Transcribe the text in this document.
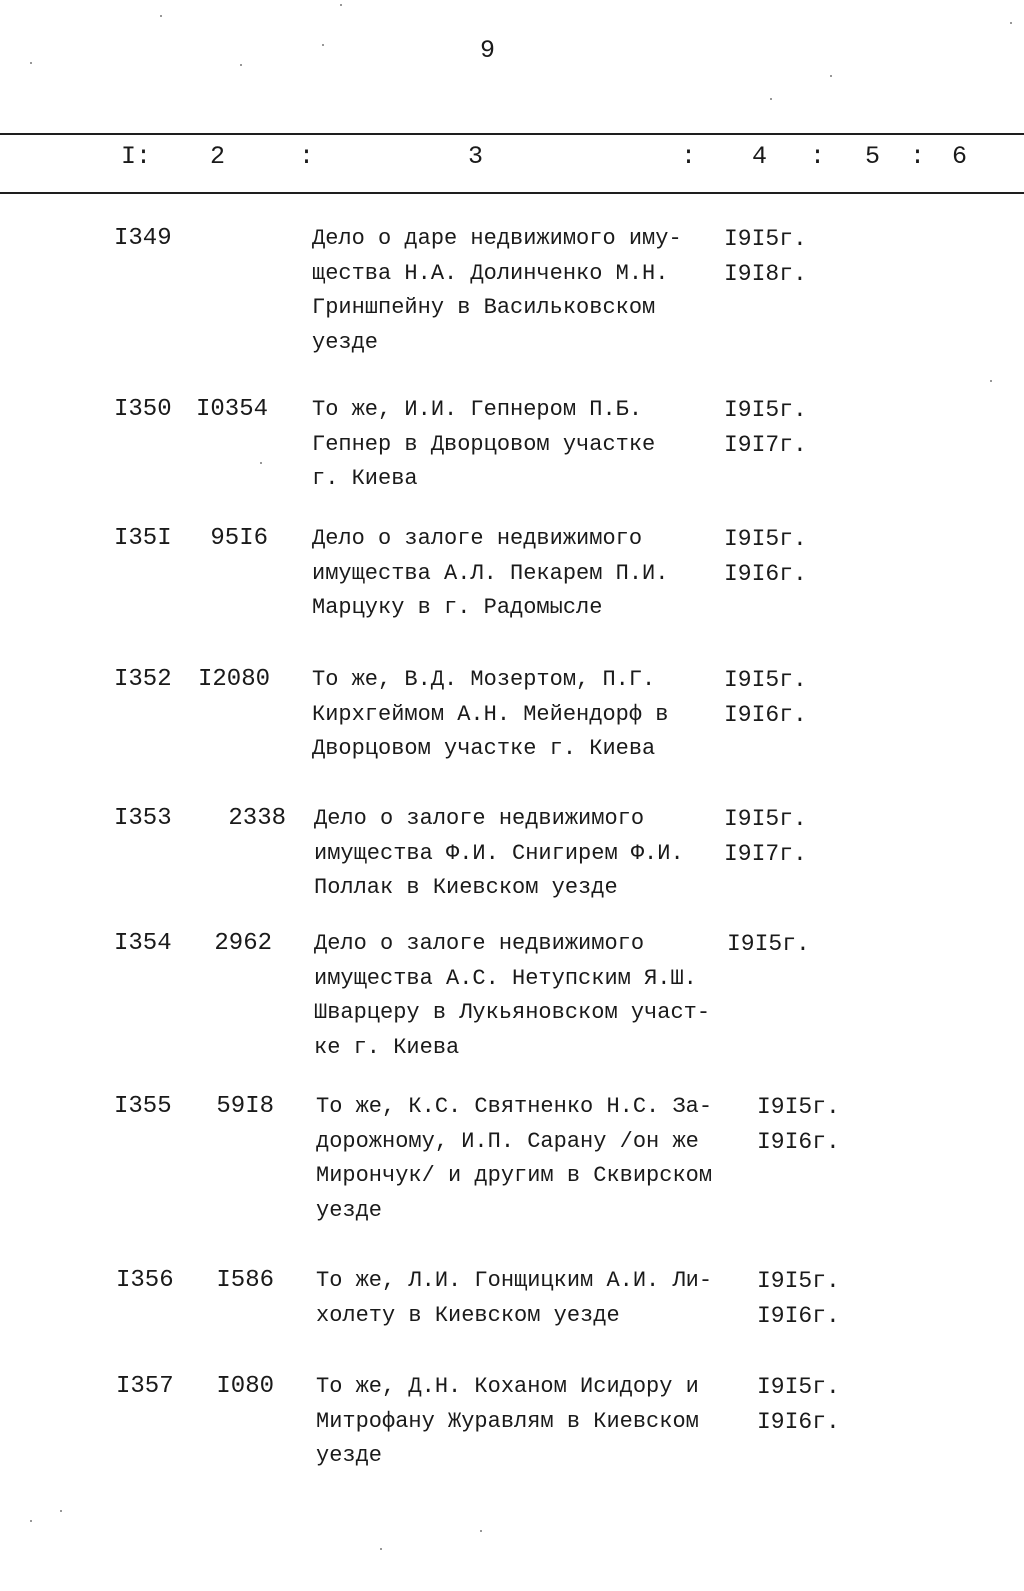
9
I: 2	:	3	: 4 : 5 : 6
I349	Дело о даре недвижимого иму-
щества Н.А. Долинченко М.Н.
Гриншпейну в Васильковском
уезде
I9I5г.
I9I8г.
I350 I0354 То же, И.И. Гепнером П.Б.
Гепнер в Дворцовом участке
г. Киева
I9I5г.
I9I7г.
I35I 95I6 Дело о залоге недвижимого
имущества А.Л. Пекарем П.И.
Марцуку в г. Радомысле
I9I5г.
I9I6г.
I352 I2080 То же, В.Д. Мозертом, П.Г.
Кирхгеймом А.Н. Мейендорф в
Дворцовом участке г. Киева
I9I5г.
I9I6г.
I353 2338 Дело о залоге недвижимого
имущества Ф.И. Снигирем Ф.И.
Поллак в Киевском уезде
I9I5г.
I9I7г.
I354 2962 Дело о залоге недвижимого
имущества А.С. Нетупским Я.Ш.
Шварцеру в Лукьяновском участ-
ке г. Киева
I9I5г.
I355 59I8 То же, К.С. Святненко Н.С. За-
дорожному, И.П. Сарану /он же
Мирончук/ и другим в Сквирском
уезде
I9I5г.
I9I6г.
I356 I586 То же, Л.И. Гонщицким А.И. Ли-
холету в Киевском уезде
I9I5г.
I9I6г.
I357 I080 То же, Д.Н. Кохaном Исидору и
Митрофану Журавлям в Киевском
уезде
I9I5г.
I9I6г.
